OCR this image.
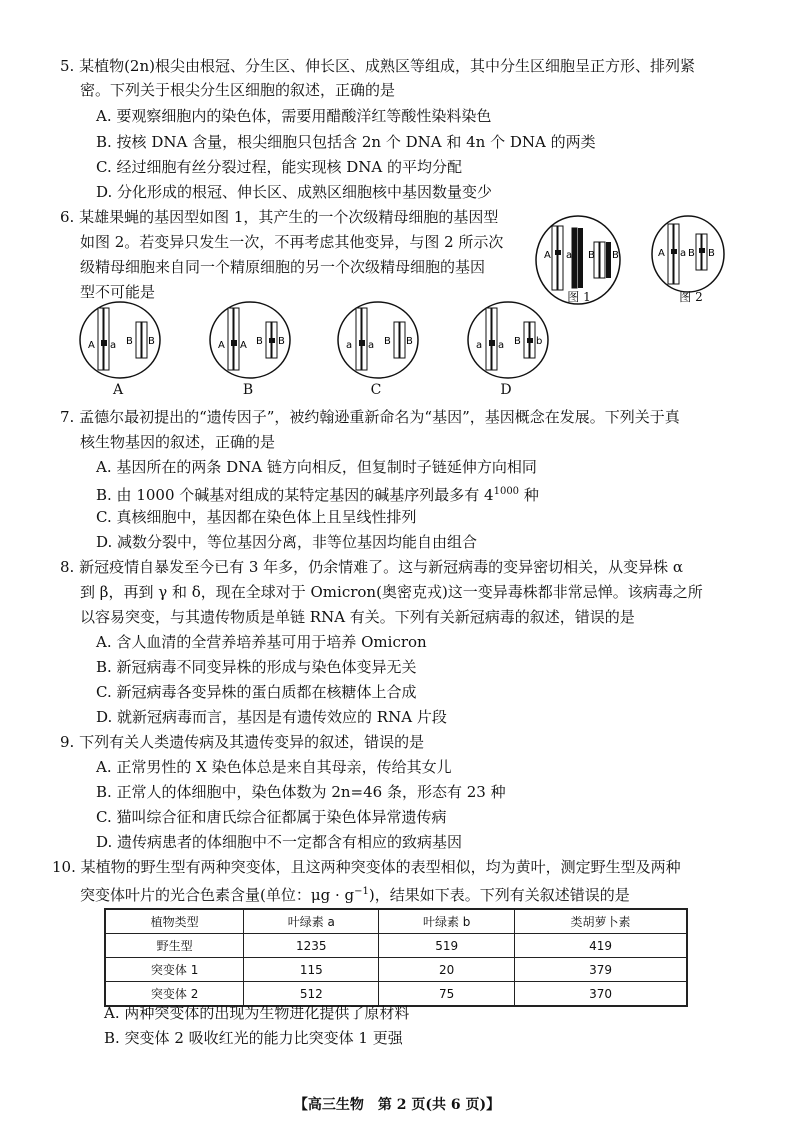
5. 某植物(2n)根尖由根冠、分生区、伸长区、成熟区等组成，其中分生区细胞呈正方形、排列紧
密。下列关于根尖分生区细胞的叙述，正确的是
A. 要观察细胞内的染色体，需要用醋酸洋红等酸性染料染色
B. 按核 DNA 含量，根尖细胞只包括含 2n 个 DNA 和 4n 个 DNA 的两类
C. 经过细胞有丝分裂过程，能实现核 DNA 的平均分配
D. 分化形成的根冠、伸长区、成熟区细胞核中基因数量变少
6. 某雄果蝇的基因型如图 1，其产生的一个次级精母细胞的基因型
如图 2。若变异只发生一次，不再考虑其他变异，与图 2 所示次
级精母细胞来自同一个精原细胞的另一个次级精母细胞的基因
型不可能是
A a B B
图 1
A a B B
图 2
A a B B
A
A A B B
B
a a B B
C
a a B b
D
7. 孟德尔最初提出的“遗传因子”，被约翰逊重新命名为“基因”，基因概念在发展。下列关于真
核生物基因的叙述，正确的是
A. 基因所在的两条 DNA 链方向相反，但复制时子链延伸方向相同
B. 由 1000 个碱基对组成的某特定基因的碱基序列最多有 $4^{1000}$ 种
C. 真核细胞中，基因都在染色体上且呈线性排列
D. 减数分裂中，等位基因分离，非等位基因均能自由组合
8. 新冠疫情自暴发至今已有 3 年多，仍余情难了。这与新冠病毒的变异密切相关，从变异株 α
到 β，再到 γ 和 δ，现在全球对于 Omicron(奥密克戎)这一变异毒株都非常忌惮。该病毒之所
以容易突变，与其遗传物质是单链 RNA 有关。下列有关新冠病毒的叙述，错误的是
A. 含人血清的全营养培养基可用于培养 Omicron
B. 新冠病毒不同变异株的形成与染色体变异无关
C. 新冠病毒各变异株的蛋白质都在核糖体上合成
D. 就新冠病毒而言，基因是有遗传效应的 RNA 片段
9. 下列有关人类遗传病及其遗传变异的叙述，错误的是
A. 正常男性的 X 染色体总是来自其母亲，传给其女儿
B. 正常人的体细胞中，染色体数为 2n=46 条，形态有 23 种
C. 猫叫综合征和唐氏综合征都属于染色体异常遗传病
D. 遗传病患者的体细胞中不一定都含有相应的致病基因
10. 某植物的野生型有两种突变体，且这两种突变体的表型相似，均为黄叶，测定野生型及两种
植物类型	叶绿素 a	叶绿素 b	类胡萝卜素
野生型	1235	519	419
突变体 1	115	20	379
突变体 2	512	75	370
A. 两种突变体的出现为生物进化提供了原材料
B. 突变体 2 吸收红光的能力比突变体 1 更强
突变体叶片的光合色素含量(单位：$\mu g \cdot g^{-1}$)，结果如下表。下列有关叙述错误的是
【高三生物　第 2 页(共 6 页)】
